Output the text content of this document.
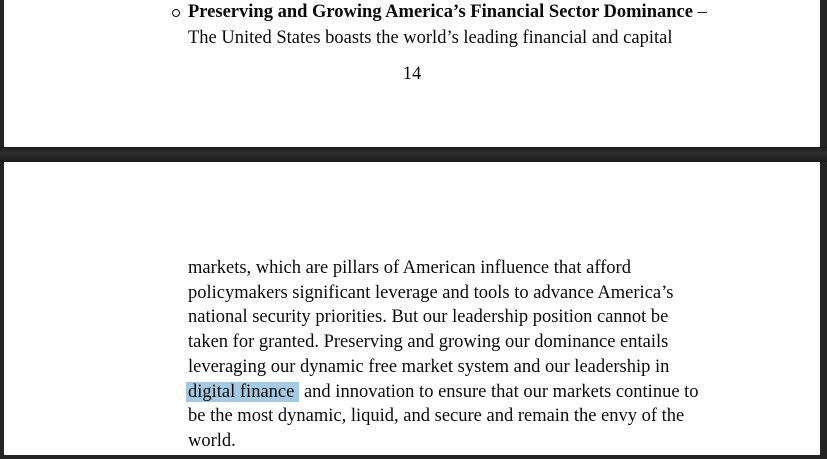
Preserving and Growing America’s Financial Sector Dominance –
The United States boasts the world’s leading financial and capital
14
markets, which are pillars of American influence that afford
policymakers significant leverage and tools to advance America’s
national security priorities. But our leadership position cannot be
taken for granted. Preserving and growing our dominance entails
leveraging our dynamic free market system and our leadership in
digital finance and innovation to ensure that our markets continue to
be the most dynamic, liquid, and secure and remain the envy of the
world.
